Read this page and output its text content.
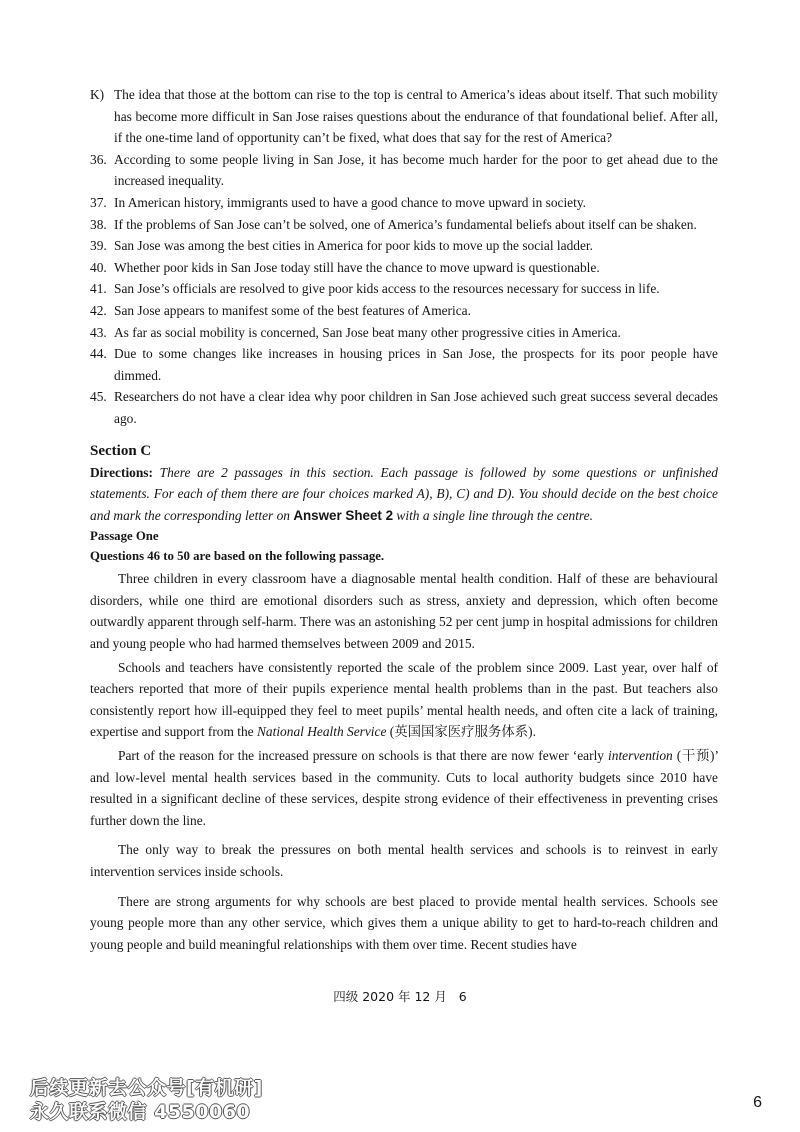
K) The idea that those at the bottom can rise to the top is central to America’s ideas about itself. That such mobility has become more difficult in San Jose raises questions about the endurance of that foundational belief. After all, if the one-time land of opportunity can’t be fixed, what does that say for the rest of America?

36. According to some people living in San Jose, it has become much harder for the poor to get ahead due to the increased inequality.

37. In American history, immigrants used to have a good chance to move upward in society.

38. If the problems of San Jose can’t be solved, one of America’s fundamental beliefs about itself can be shaken.

39. San Jose was among the best cities in America for poor kids to move up the social ladder.

40. Whether poor kids in San Jose today still have the chance to move upward is questionable.

41. San Jose’s officials are resolved to give poor kids access to the resources necessary for success in life.

42. San Jose appears to manifest some of the best features of America.

43. As far as social mobility is concerned, San Jose beat many other progressive cities in America.

44. Due to some changes like increases in housing prices in San Jose, the prospects for its poor people have dimmed.

45. Researchers do not have a clear idea why poor children in San Jose achieved such great success several decades ago.

Section C

Directions: There are 2 passages in this section. Each passage is followed by some questions or unfinished statements. For each of them there are four choices marked A), B), C) and D). You should decide on the best choice and mark the corresponding letter on Answer Sheet 2 with a single line through the centre.

Passage One
Questions 46 to 50 are based on the following passage.

Three children in every classroom have a diagnosable mental health condition. Half of these are behavioural disorders, while one third are emotional disorders such as stress, anxiety and depression, which often become outwardly apparent through self-harm. There was an astonishing 52 per cent jump in hospital admissions for children and young people who had harmed themselves between 2009 and 2015.

Schools and teachers have consistently reported the scale of the problem since 2009. Last year, over half of teachers reported that more of their pupils experience mental health problems than in the past. But teachers also consistently report how ill-equipped they feel to meet pupils’ mental health needs, and often cite a lack of training, expertise and support from the National Health Service (英国国家医疗服务体系).

Part of the reason for the increased pressure on schools is that there are now fewer ‘early intervention (干预)’ and low-level mental health services based in the community. Cuts to local authority budgets since 2010 have resulted in a significant decline of these services, despite strong evidence of their effectiveness in preventing crises further down the line.

The only way to break the pressures on both mental health services and schools is to reinvest in early intervention services inside schools.

There are strong arguments for why schools are best placed to provide mental health services. Schools see young people more than any other service, which gives them a unique ability to get to hard-to-reach children and young people and build meaningful relationships with them over time. Recent studies have

四级 2020 年 12 月 6
6
后续更新去公众号[有机研]
永久联系微信 4550060
